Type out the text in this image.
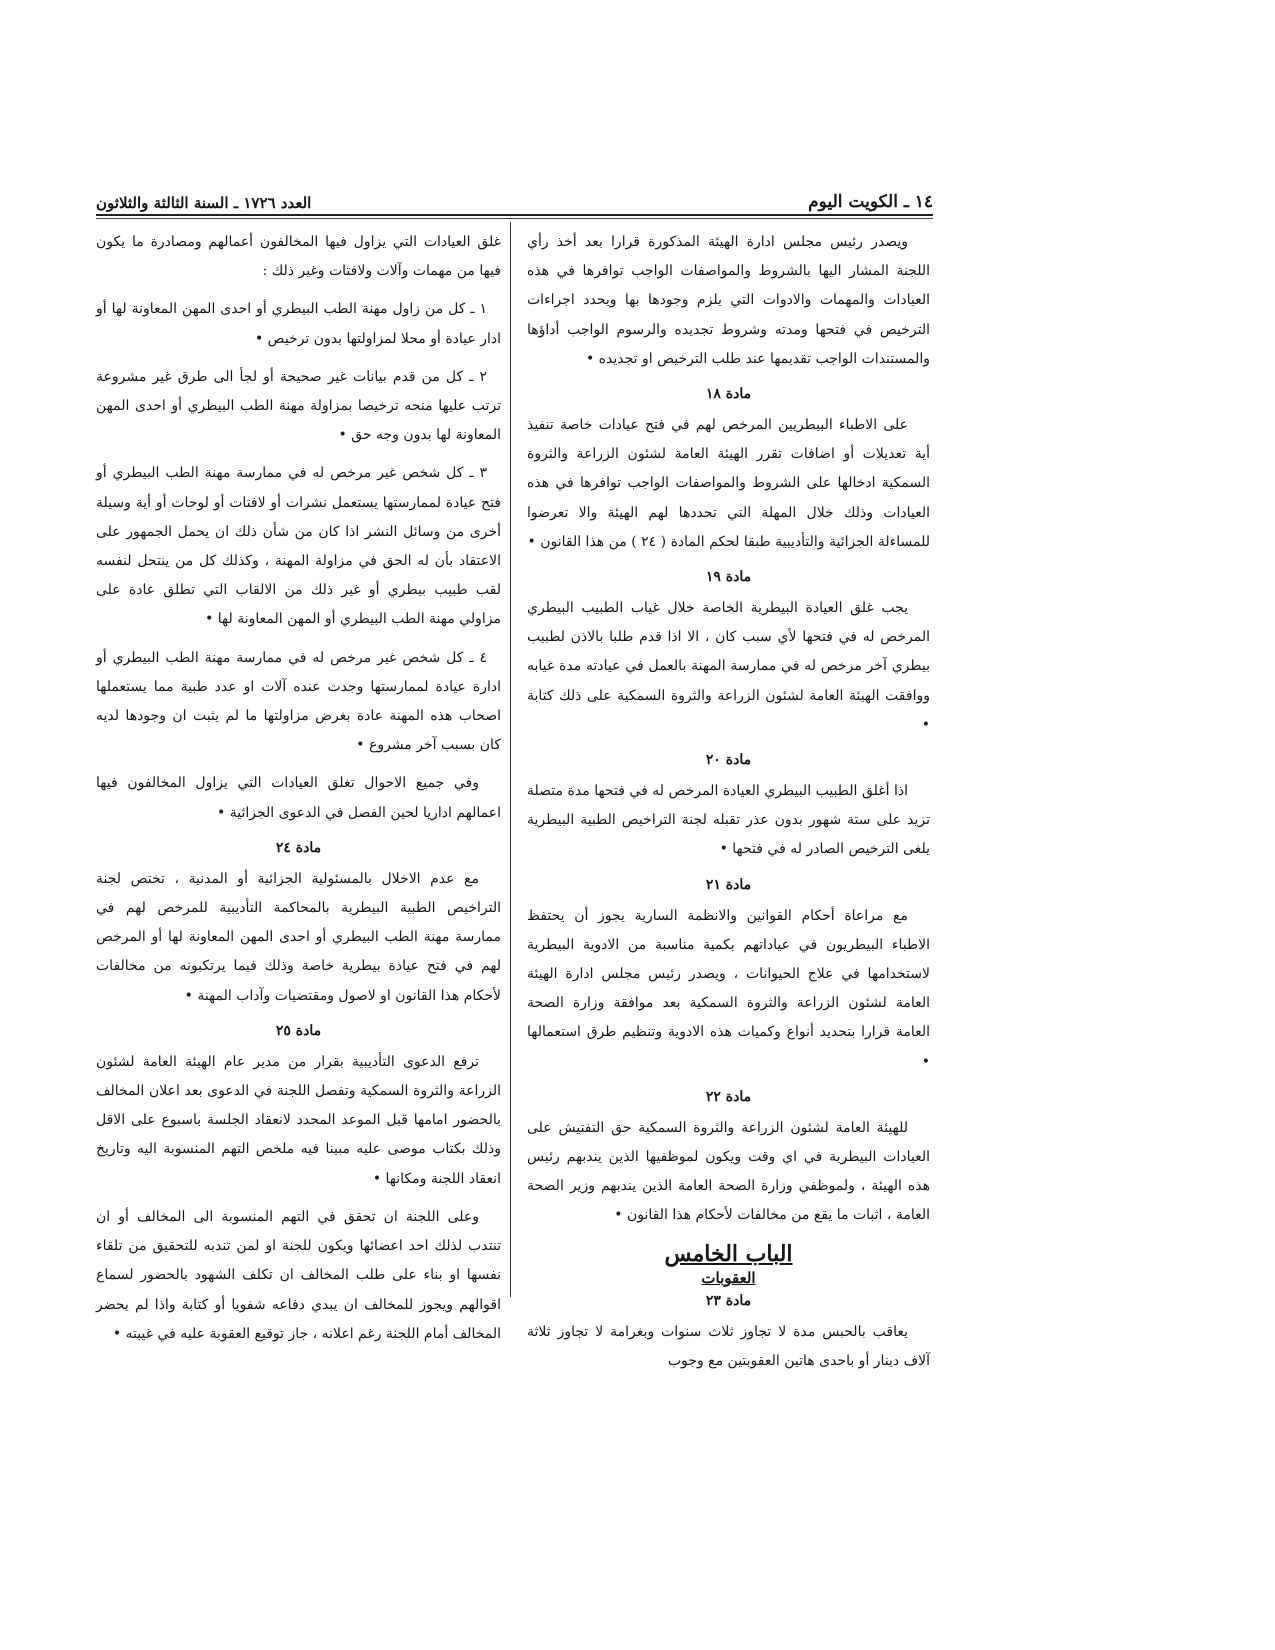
١٤ ـ الكويت اليوم
العدد ١٧٢٦ ـ السنة الثالثة والثلاثون

ويصدر رئيس مجلس ادارة الهيئة المذكورة قرارا بعد أخذ رأي اللجنة المشار اليها بالشروط والمواصفات الواجب توافرها في هذه العيادات والمهمات والادوات التي يلزم وجودها بها ويحدد اجراءات الترخيص في فتحها ومدته وشروط تجديده والرسوم الواجب أداؤها والمستندات الواجب تقديمها عند طلب الترخيص او تجديده •

مادة ١٨

على الاطباء البيطريين المرخص لهم في فتح عيادات خاصة تنفيذ أية تعديلات أو اضافات تقرر الهيئة العامة لشئون الزراعة والثروة السمكية ادخالها على الشروط والمواصفات الواجب توافرها في هذه العيادات وذلك خلال المهلة التي تحددها لهم الهيئة والا تعرضوا للمساءلة الجزائية والتأديبية طبقا لحكم المادة ( ٢٤ ) من هذا القانون •

مادة ١٩

يجب غلق العيادة البيطرية الخاصة خلال غياب الطبيب البيطري المرخص له في فتحها لأي سبب كان ، الا اذا قدم طلبا بالاذن لطبيب بيطري آخر مرخص له في ممارسة المهنة بالعمل في عيادته مدة غيابه ووافقت الهيئة العامة لشئون الزراعة والثروة السمكية على ذلك كتابة •

مادة ٢٠

اذا أغلق الطبيب البيطري العيادة المرخص له في فتحها مدة متصلة تزيد على ستة شهور بدون عذر تقبله لجنة التراخيص الطبية البيطرية يلغى الترخيص الصادر له في فتحها •

مادة ٢١

مع مراعاة أحكام القوانين والانظمة السارية يجوز أن يحتفظ الاطباء البيطريون في عياداتهم بكمية مناسبة من الادوية البيطرية لاستخدامها في علاج الحيوانات ، ويصدر رئيس مجلس ادارة الهيئة العامة لشئون الزراعة والثروة السمكية بعد موافقة وزارة الصحة العامة قرارا بتحديد أنواع وكميات هذه الادوية وتنظيم طرق استعمالها •

مادة ٢٢

للهيئة العامة لشئون الزراعة والثروة السمكية حق التفتيش على العيادات البيطرية في اي وقت ويكون لموظفيها الذين يندبهم رئيس هذه الهيئة ، ولموظفي وزارة الصحة العامة الذين يندبهم وزير الصحة العامة ، اثبات ما يقع من مخالفات لأحكام هذا القانون •

الباب الخامس
العقوبات
مادة ٢٣

يعاقب بالحبس مدة لا تجاوز ثلاث سنوات وبغرامة لا تجاوز ثلاثة آلاف دينار أو باحدى هاتين العقوبتين مع وجوب

غلق العيادات التي يزاول فيها المخالفون أعمالهم ومصادرة ما يكون فيها من مهمات وآلات ولافتات وغير ذلك :

١ ـ كل من زاول مهنة الطب البيطري أو احدى المهن المعاونة لها أو ادار عيادة أو محلا لمزاولتها بدون ترخيص •

٢ ـ كل من قدم بيانات غير صحيحة أو لجأ الى طرق غير مشروعة ترتب عليها منحه ترخيصا بمزاولة مهنة الطب البيطري أو احدى المهن المعاونة لها بدون وجه حق •

٣ ـ كل شخص غير مرخص له في ممارسة مهنة الطب البيطري أو فتح عيادة لممارستها يستعمل نشرات أو لافتات أو لوحات أو أية وسيلة أخرى من وسائل النشر اذا كان من شأن ذلك ان يحمل الجمهور على الاعتقاد بأن له الحق في مزاولة المهنة ، وكذلك كل من ينتحل لنفسه لقب طبيب بيطري أو غير ذلك من الالقاب التي تطلق عادة على مزاولي مهنة الطب البيطري أو المهن المعاونة لها •

٤ ـ كل شخص غير مرخص له في ممارسة مهنة الطب البيطري أو ادارة عيادة لممارستها وجدت عنده آلات او عدد طبية مما يستعملها اصحاب هذه المهنة عادة بغرض مزاولتها ما لم يثبت ان وجودها لديه كان بسبب آخر مشروع •

وفي جميع الاحوال تغلق العيادات التي يزاول المخالفون فيها اعمالهم اداريا لحين الفصل في الدعوى الجزائية •

مادة ٢٤

مع عدم الاخلال بالمسئولية الجزائية أو المدنية ، تختص لجنة التراخيص الطبية البيطرية بالمحاكمة التأديبية للمرخص لهم في ممارسة مهنة الطب البيطري أو احدى المهن المعاونة لها أو المرخص لهم في فتح عيادة بيطرية خاصة وذلك فيما يرتكبونه من مخالفات لأحكام هذا القانون او لاصول ومقتضيات وآداب المهنة •

مادة ٢٥

ترفع الدعوى التأديبية بقرار من مدير عام الهيئة العامة لشئون الزراعة والثروة السمكية وتفصل اللجنة في الدعوى بعد اعلان المخالف بالحضور امامها قبل الموعد المحدد لانعقاد الجلسة باسبوع على الاقل وذلك بكتاب موصى عليه مبينا فيه ملخص التهم المنسوبة اليه وتاريخ انعقاد اللجنة ومكانها •

وعلى اللجنة ان تحقق في التهم المنسوبة الى المخالف أو ان تنتدب لذلك احد اعضائها ويكون للجنة او لمن تندبه للتحقيق من تلقاء نفسها او بناء على طلب المخالف ان تكلف الشهود بالحضور لسماع اقوالهم ويجوز للمخالف ان يبدي دفاعه شفويا أو كتابة واذا لم يحضر المخالف أمام اللجنة رغم اعلانه ، جاز توقيع العقوبة عليه في غيبته •
